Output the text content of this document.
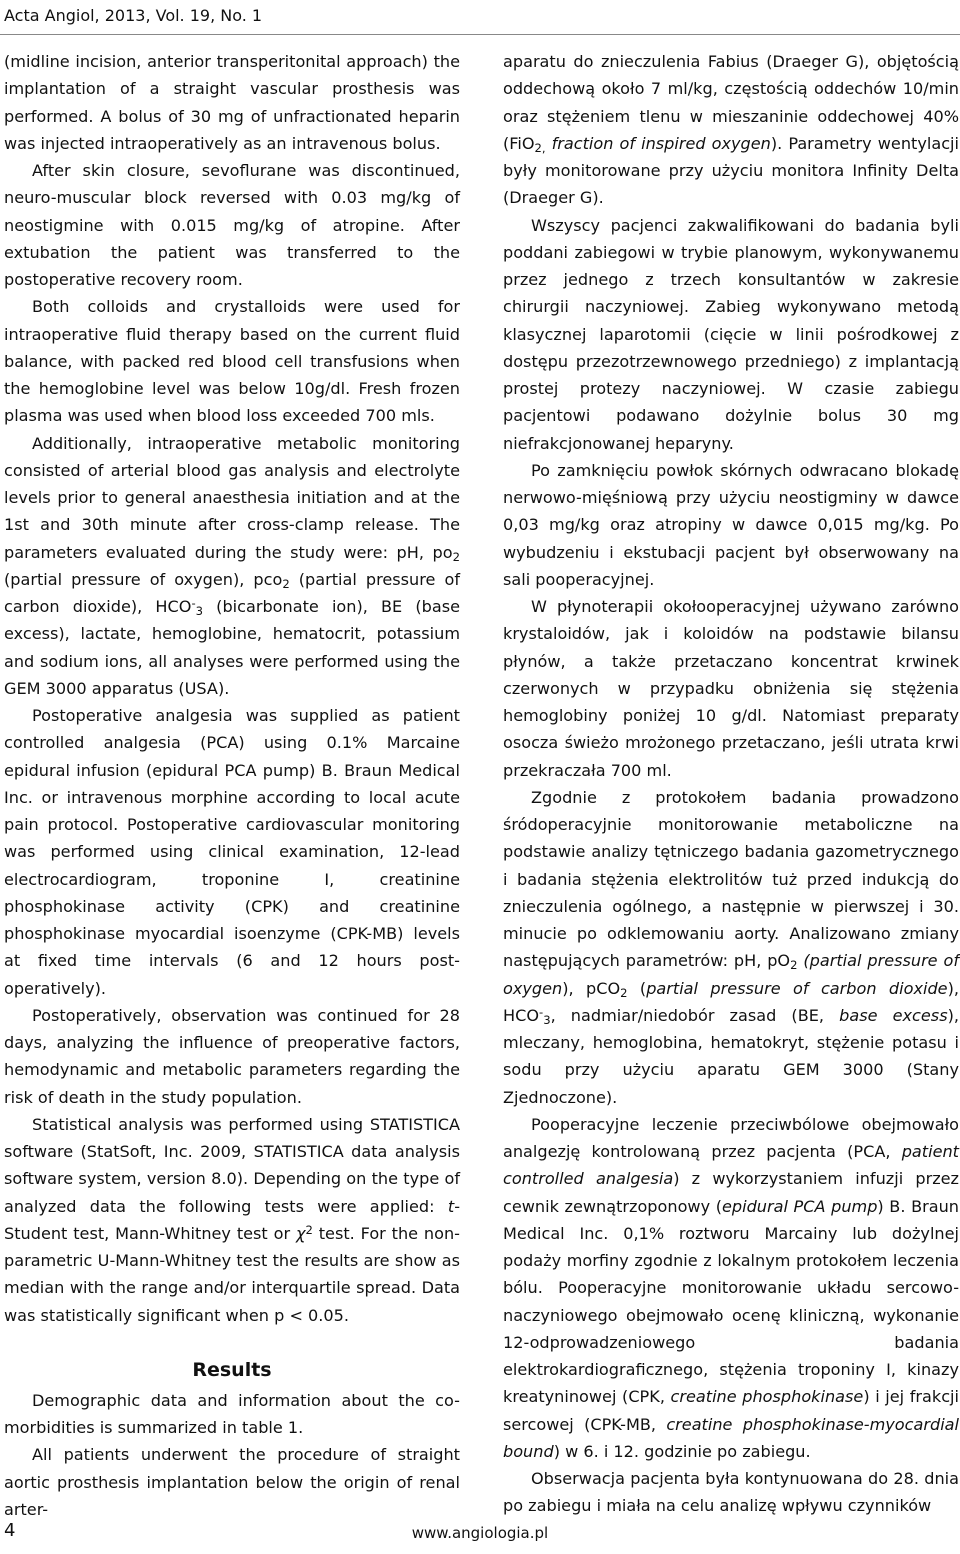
Acta Angiol, 2013, Vol. 19, No. 1

(midline incision, anterior transperitonital approach) the implantation of a straight vascular prosthesis was performed. A bolus of 30 mg of unfractionated heparin was injected intraoperatively as an intravenous bolus.

After skin closure, sevoflurane was discontinued, neuro-muscular block reversed with 0.03 mg/kg of neostigmine with 0.015 mg/kg of atropine. After extubation the patient was transferred to the postoperative recovery room.

Both colloids and crystalloids were used for intraoperative fluid therapy based on the current fluid balance, with packed red blood cell transfusions when the hemoglobine level was below 10g/dl. Fresh frozen plasma was used when blood loss exceeded 700 mls.

Additionally, intraoperative metabolic monitoring consisted of arterial blood gas analysis and electrolyte levels prior to general anaesthesia initiation and at the 1st and 30th minute after cross-clamp release. The parameters evaluated during the study were: pH, $po_2$ (partial pressure of oxygen), pco$_2$ (partial pressure of carbon dioxide), $HCO^-_3$ (bicarbonate ion), BE (base excess), lactate, hemoglobine, hematocrit, potassium and sodium ions, all analyses were performed using the GEM 3000 apparatus (USA).

Postoperative analgesia was supplied as patient controlled analgesia (PCA) using 0.1% Marcaine epidural infusion (epidural PCA pump) B. Braun Medical Inc. or intravenous morphine according to local acute pain protocol. Postoperative cardiovascular monitoring was performed using clinical examination, 12-lead electrocardiogram, troponine I, creatinine phosphokinase activity (CPK) and creatinine phosphokinase myocardial isoenzyme (CPK-MB) levels at fixed time intervals (6 and 12 hours post-operatively).

Postoperatively, observation was continued for 28 days, analyzing the influence of preoperative factors, hemodynamic and metabolic parameters regarding the risk of death in the study population.

Statistical analysis was performed using STATISTICA software (StatSoft, Inc. 2009, STATISTICA data analysis software system, version 8.0). Depending on the type of analyzed data the following tests were applied: t-Student test, Mann-Whitney test or $\chi^2$ test. For the non-parametric U-Mann-Whitney test the results are show as median with the range and/or interquartile spread. Data was statistically significant when p < 0.05.

Results

Demographic data and information about the co-morbidities is summarized in table 1.

All patients underwent the procedure of straight aortic prosthesis implantation below the origin of renal arter-

aparatu do znieczulenia Fabius (Draeger G), objętością oddechową około 7 ml/kg, częstością oddechów 10/min oraz stężeniem tlenu w mieszaninie oddechowej 40% (FiO$_{2,}$ fraction of inspired oxygen). Parametry wentylacji były monitorowane przy użyciu monitora Infinity Delta (Draeger G).

Wszyscy pacjenci zakwalifikowani do badania byli poddani zabiegowi w trybie planowym, wykonywanemu przez jednego z trzech konsultantów w zakresie chirurgii naczyniowej. Zabieg wykonywano metodą klasycznej laparotomii (cięcie w linii pośrodkowej z dostępu przezotrzewnowego przedniego) z implantacją prostej protezy naczyniowej. W czasie zabiegu pacjentowi podawano dożylnie bolus 30 mg niefrakcjonowanej heparyny.

Po zamknięciu powłok skórnych odwracano blokadę nerwowo-mięśniową przy użyciu neostigminy w dawce 0,03 mg/kg oraz atropiny w dawce 0,015 mg/kg. Po wybudzeniu i ekstubacji pacjent był obserwowany na sali pooperacyjnej.

W płynoterapii okołooperacyjnej używano zarówno krystaloidów, jak i koloidów na podstawie bilansu płynów, a także przetaczano koncentrat krwinek czerwonych w przypadku obniżenia się stężenia hemoglobiny poniżej 10 g/dl. Natomiast preparaty osocza świeżo mrożonego przetaczano, jeśli utrata krwi przekraczała 700 ml.

Zgodnie z protokołem badania prowadzono śródoperacyjnie monitorowanie metaboliczne na podstawie analizy tętniczego badania gazometrycznego i badania stężenia elektrolitów tuż przed indukcją do znieczulenia ogólnego, a następnie w pierwszej i 30. minucie po odklemowaniu aorty. Analizowano zmiany następujących parametrów: pH, $pO_2$ (partial pressure of oxygen), pCO$_2$ (partial pressure of carbon dioxide), $HCO^-_3$, nadmiar/niedobór zasad (BE, base excess), mleczany, hemoglobina, hematokryt, stężenie potasu i sodu przy użyciu aparatu GEM 3000 (Stany Zjednoczone).

Pooperacyjne leczenie przeciwbólowe obejmowało analgezję kontrolowaną przez pacjenta (PCA, patient controlled analgesia) z wykorzystaniem infuzji przez cewnik zewnątrzoponowy (epidural PCA pump) B. Braun Medical Inc. 0,1% roztworu Marcainy lub dożylnej podaży morfiny zgodnie z lokalnym protokołem leczenia bólu. Pooperacyjne monitorowanie układu sercowo-naczyniowego obejmowało ocenę kliniczną, wykonanie 12-odprowadzeniowego badania elektrokardiograficznego, stężenia troponiny I, kinazy kreatyninowej (CPK, creatine phosphokinase) i jej frakcji sercowej (CPK-MB, creatine phosphokinase-myocardial bound) w 6. i 12. godzinie po zabiegu.

Obserwacja pacjenta była kontynuowana do 28. dnia po zabiegu i miała na celu analizę wpływu czynników

4	www.angiologia.pl
